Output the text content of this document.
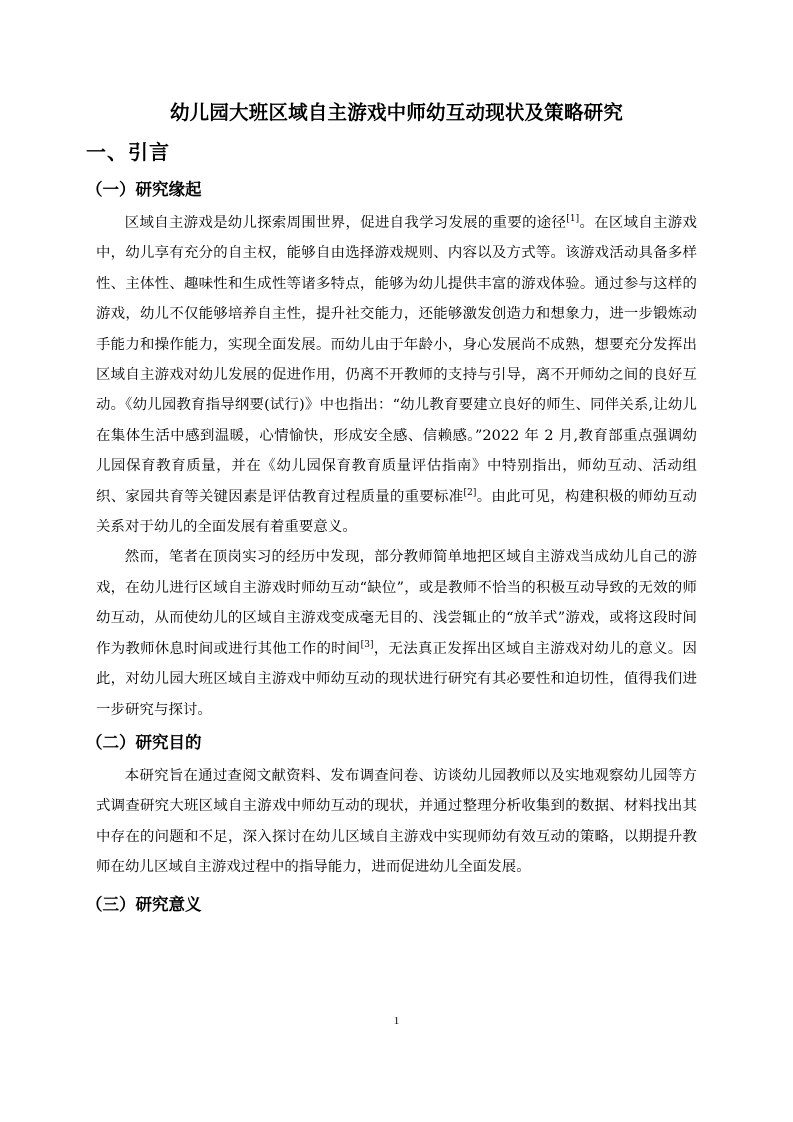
幼儿园大班区域自主游戏中师幼互动现状及策略研究
一、引言
（一）研究缘起

区域自主游戏是幼儿探索周围世界，促进自我学习发展的重要的途径[1]。在区域自主游戏中，幼儿享有充分的自主权，能够自由选择游戏规则、内容以及方式等。该游戏活动具备多样性、主体性、趣味性和生成性等诸多特点，能够为幼儿提供丰富的游戏体验。通过参与这样的游戏，幼儿不仅能够培养自主性，提升社交能力，还能够激发创造力和想象力，进一步锻炼动手能力和操作能力，实现全面发展。而幼儿由于年龄小，身心发展尚不成熟，想要充分发挥出区域自主游戏对幼儿发展的促进作用，仍离不开教师的支持与引导，离不开师幼之间的良好互动。《幼儿园教育指导纲要(试行)》中也指出：“幼儿教育要建立良好的师生、同伴关系,让幼儿在集体生活中感到温暖，心情愉快，形成安全感、信赖感。”2022 年 2 月,教育部重点强调幼儿园保育教育质量，并在《幼儿园保育教育质量评估指南》中特别指出，师幼互动、活动组织、家园共育等关键因素是评估教育过程质量的重要标准[2]。由此可见，构建积极的师幼互动关系对于幼儿的全面发展有着重要意义。

然而，笔者在顶岗实习的经历中发现，部分教师简单地把区域自主游戏当成幼儿自己的游戏，在幼儿进行区域自主游戏时师幼互动“缺位”，或是教师不恰当的积极互动导致的无效的师幼互动，从而使幼儿的区域自主游戏变成毫无目的、浅尝辄止的“放羊式”游戏，或将这段时间作为教师休息时间或进行其他工作的时间[3]，无法真正发挥出区域自主游戏对幼儿的意义。因此，对幼儿园大班区域自主游戏中师幼互动的现状进行研究有其必要性和迫切性，值得我们进一步研究与探讨。

（二）研究目的

本研究旨在通过查阅文献资料、发布调查问卷、访谈幼儿园教师以及实地观察幼儿园等方式调查研究大班区域自主游戏中师幼互动的现状，并通过整理分析收集到的数据、材料找出其中存在的问题和不足，深入探讨在幼儿区域自主游戏中实现师幼有效互动的策略，以期提升教师在幼儿区域自主游戏过程中的指导能力，进而促进幼儿全面发展。

（三）研究意义
1
